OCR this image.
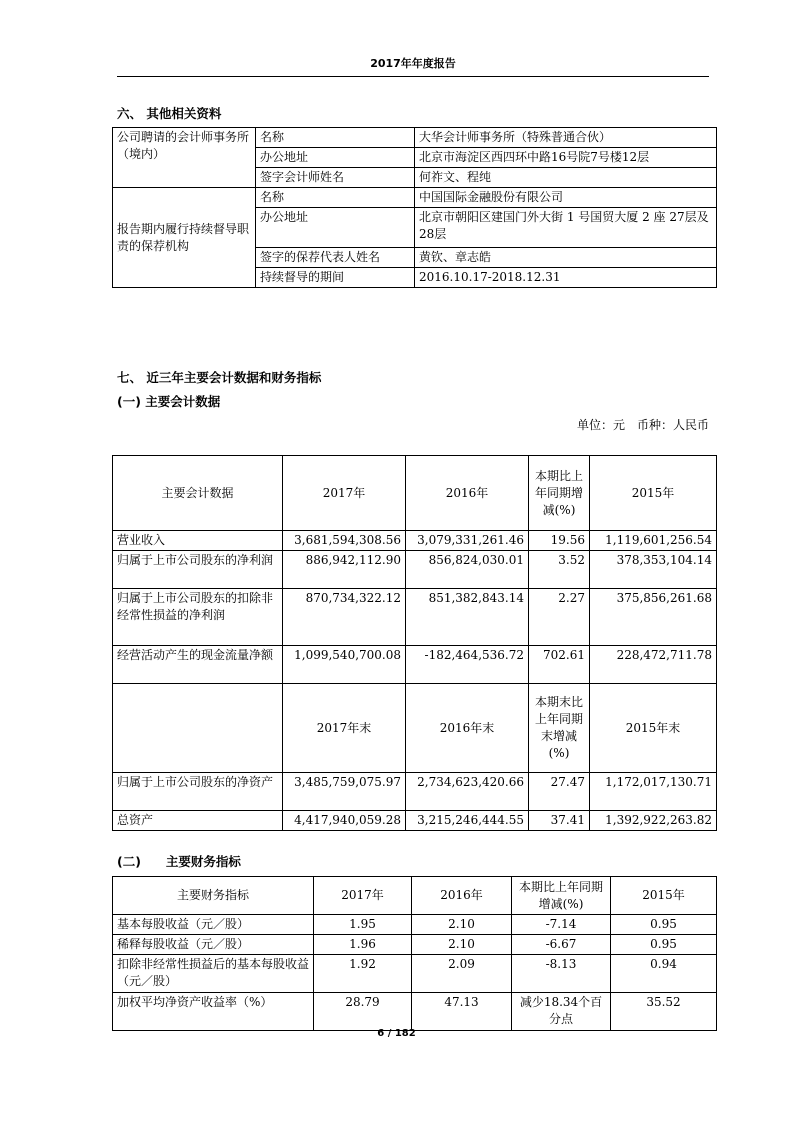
2017年年度报告
六、 其他相关资料
公司聘请的会计师事务所（境内）	名称	大华会计师事务所（特殊普通合伙）
	办公地址	北京市海淀区西四环中路16号院7号楼12层
	签字会计师姓名	何祚文、程纯
报告期内履行持续督导职责的保荐机构	名称	中国国际金融股份有限公司
	办公地址	北京市朝阳区建国门外大街 1 号国贸大厦 2 座 27层及28层
	签字的保荐代表人姓名	黄钦、章志皓
	持续督导的期间	2016.10.17-2018.12.31
七、 近三年主要会计数据和财务指标
(一) 主要会计数据
单位：元　币种：人民币
主要会计数据	2017年	2016年	本期比上年同期增减(%)	2015年
营业收入	3,681,594,308.56	3,079,331,261.46	19.56	1,119,601,256.54
归属于上市公司股东的净利润	886,942,112.90	856,824,030.01	3.52	378,353,104.14
归属于上市公司股东的扣除非经常性损益的净利润	870,734,322.12	851,382,843.14	2.27	375,856,261.68
经营活动产生的现金流量净额	1,099,540,700.08	-182,464,536.72	702.61	228,472,711.78
	2017年末	2016年末	本期末比上年同期末增减(%)	2015年末
归属于上市公司股东的净资产	3,485,759,075.97	2,734,623,420.66	27.47	1,172,017,130.71
总资产	4,417,940,059.28	3,215,246,444.55	37.41	1,392,922,263.82
(二)　　主要财务指标
主要财务指标	2017年	2016年	本期比上年同期增减(%)	2015年
基本每股收益（元／股）	1.95	2.10	-7.14	0.95
稀释每股收益（元／股）	1.96	2.10	-6.67	0.95
扣除非经常性损益后的基本每股收益（元／股）	1.92	2.09	-8.13	0.94
加权平均净资产收益率（%）	28.79	47.13	减少18.34个百分点	35.52
6 / 182
